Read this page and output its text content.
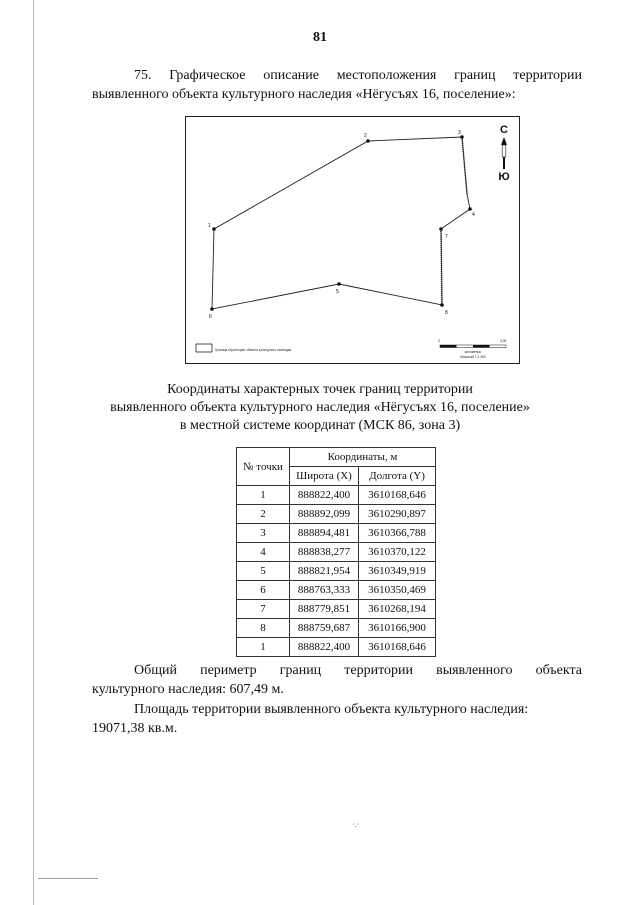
81
75. Графическое описание местоположения границ территории выявленного объекта культурного наследия «Нёгусъях 16, поселение»:
1
2	3
4
5
6
7
8
С
Ю
Граница территории объекта культурного наследия
0	0,05
километры
Масштаб 1:1 300
Координаты характерных точек границ территории
выявленного объекта культурного наследия «Нёгусъях 16, поселение»
в местной системе координат (МСК 86, зона 3)
№ точки	Координаты, м	
	Широта (X)	Долгота (Y)
1	888822,400	3610168,646
2	888892,099	3610290,897
3	888894,481	3610366,788
4	888838,277	3610370,122
5	888821,954	3610349,919
6	888763,333	3610350,469
7	888779,851	3610268,194
8	888759,687	3610166,900
1	888822,400	3610168,646
Общий периметр границ территории выявленного объекта
культурного наследия: 607,49 м.
Площадь территории выявленного объекта культурного наследия:
19071,38 кв.м.
·.·
